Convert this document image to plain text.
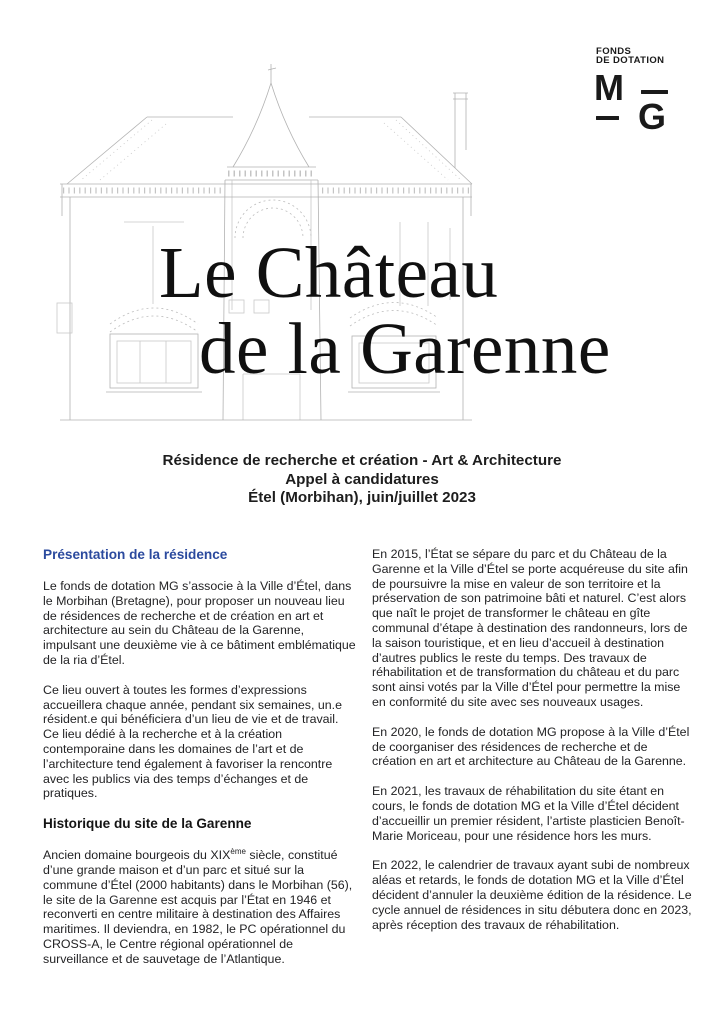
FONDS
DE DOTATION
M
G
Le Château
de la Garenne
Résidence de recherche et création - Art & Architecture
Appel à candidatures
Étel (Morbihan), juin/juillet 2023
Présentation de la résidence

Le fonds de dotation MG s’associe à la Ville d’Étel, dans le Morbihan (Bretagne), pour proposer un nouveau lieu de résidences de recherche et de création en art et architecture au sein du Château de la Garenne, impulsant une deuxième vie à ce bâtiment emblématique de la ria d’Étel.

Ce lieu ouvert à toutes les formes d’expressions accueillera chaque année, pendant six semaines, un.e résident.e qui bénéficiera d’un lieu de vie et de travail. Ce lieu dédié à la recherche et à la création contemporaine dans les domaines de l’art et de l’architecture tend également à favoriser la rencontre avec les publics via des temps d’échanges et de pratiques.

Historique du site de la Garenne

Ancien domaine bourgeois du XIXème siècle, constitué d’une grande maison et d’un parc et situé sur la commune d’Étel (2000 habitants) dans le Morbihan (56), le site de la Garenne est acquis par l’État en 1946 et reconverti en centre militaire à destination des Affaires maritimes. Il deviendra, en 1982, le PC opérationnel du CROSS-A, le Centre régional opérationnel de surveillance et de sauvetage de l’Atlantique.

En 2015, l’État se sépare du parc et du Château de la Garenne et la Ville d’Étel se porte acquéreuse du site afin de poursuivre la mise en valeur de son territoire et la préservation de son patrimoine bâti et naturel. C’est alors que naît le projet de transformer le château en gîte communal d’étape à destination des randonneurs, lors de la saison touristique, et en lieu d’accueil à destination d’autres publics le reste du temps. Des travaux de réhabilitation et de transformation du château et du parc sont ainsi votés par la Ville d’Étel pour permettre la mise en conformité du site avec ses nouveaux usages.

En 2020, le fonds de dotation MG propose à la Ville d’Étel de coorganiser des résidences de recherche et de création en art et architecture au Château de la Garenne.

En 2021, les travaux de réhabilitation du site étant en cours, le fonds de dotation MG et la Ville d’Étel décident d’accueillir un premier résident, l’artiste plasticien Benoît-Marie Moriceau, pour une résidence hors les murs.

En 2022, le calendrier de travaux ayant subi de nombreux aléas et retards, le fonds de dotation MG et la Ville d’Étel décident d’annuler la deuxième édition de la résidence. Le cycle annuel de résidences in situ débutera donc en 2023, après réception des travaux de réhabilitation.
